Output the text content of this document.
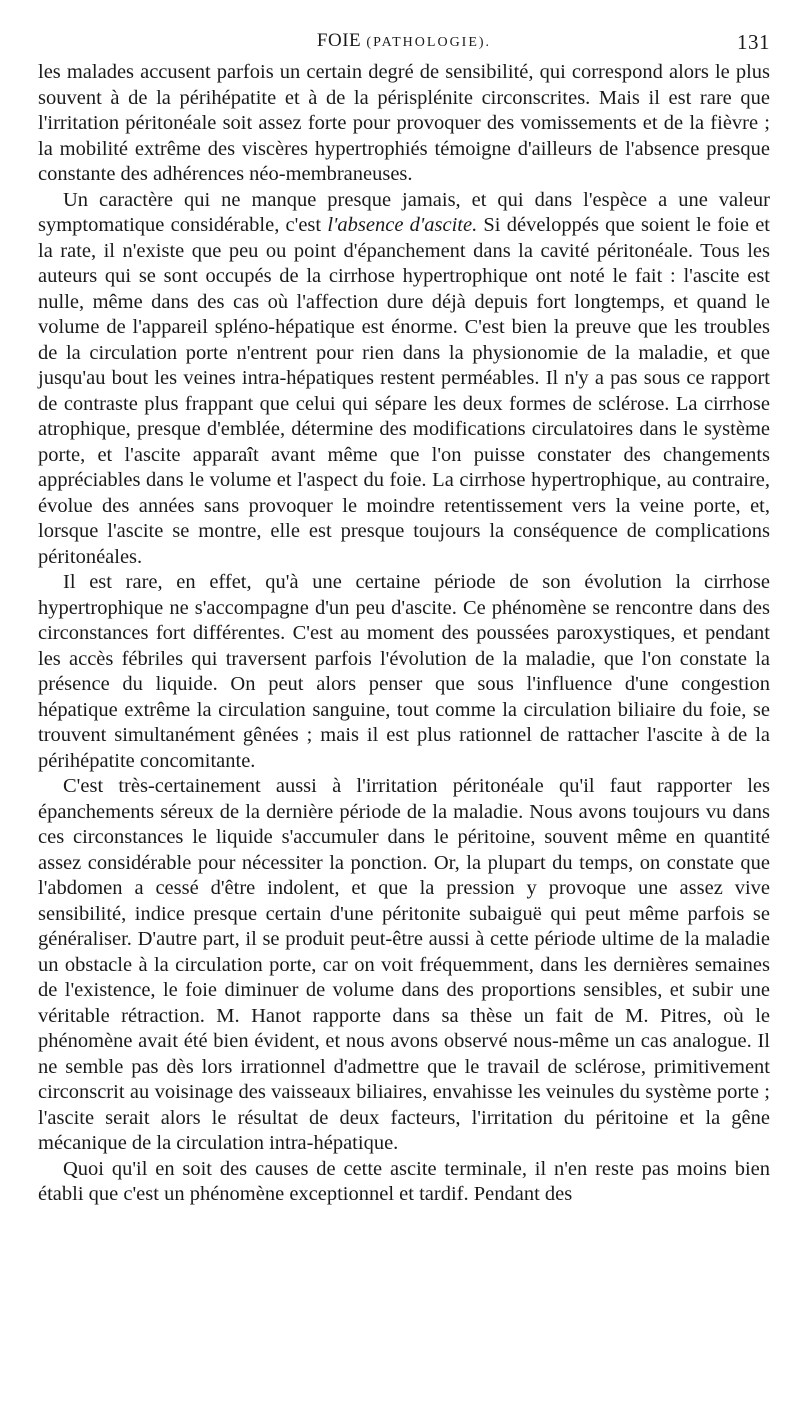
FOIE (PATHOLOGIE).	131

les malades accusent parfois un certain degré de sensibilité, qui correspond alors le plus souvent à de la périhépatite et à de la périsplénite circonscrites. Mais il est rare que l'irritation péritonéale soit assez forte pour provoquer des vomissements et de la fièvre ; la mobilité extrême des viscères hypertrophiés témoigne d'ailleurs de l'absence presque constante des adhérences néo-membraneuses.

Un caractère qui ne manque presque jamais, et qui dans l'espèce a une valeur symptomatique considérable, c'est l'absence d'ascite. Si développés que soient le foie et la rate, il n'existe que peu ou point d'épanchement dans la cavité péritonéale. Tous les auteurs qui se sont occupés de la cirrhose hypertrophique ont noté le fait : l'ascite est nulle, même dans des cas où l'affection dure déjà depuis fort longtemps, et quand le volume de l'appareil spléno-hépatique est énorme. C'est bien la preuve que les troubles de la circulation porte n'entrent pour rien dans la physionomie de la maladie, et que jusqu'au bout les veines intra-hépatiques restent perméables. Il n'y a pas sous ce rapport de contraste plus frappant que celui qui sépare les deux formes de sclérose. La cirrhose atrophique, presque d'emblée, détermine des modifications circulatoires dans le système porte, et l'ascite apparaît avant même que l'on puisse constater des changements appréciables dans le volume et l'aspect du foie. La cirrhose hypertrophique, au contraire, évolue des années sans provoquer le moindre retentissement vers la veine porte, et, lorsque l'ascite se montre, elle est presque toujours la conséquence de complications péritonéales.

Il est rare, en effet, qu'à une certaine période de son évolution la cirrhose hypertrophique ne s'accompagne d'un peu d'ascite. Ce phénomène se rencontre dans des circonstances fort différentes. C'est au moment des poussées paroxystiques, et pendant les accès fébriles qui traversent parfois l'évolution de la maladie, que l'on constate la présence du liquide. On peut alors penser que sous l'influence d'une congestion hépatique extrême la circulation sanguine, tout comme la circulation biliaire du foie, se trouvent simultanément gênées ; mais il est plus rationnel de rattacher l'ascite à de la périhépatite concomitante.

C'est très-certainement aussi à l'irritation péritonéale qu'il faut rapporter les épanchements séreux de la dernière période de la maladie. Nous avons toujours vu dans ces circonstances le liquide s'accumuler dans le péritoine, souvent même en quantité assez considérable pour nécessiter la ponction. Or, la plupart du temps, on constate que l'abdomen a cessé d'être indolent, et que la pression y provoque une assez vive sensibilité, indice presque certain d'une péritonite subaiguë qui peut même parfois se généraliser. D'autre part, il se produit peut-être aussi à cette période ultime de la maladie un obstacle à la circulation porte, car on voit fréquemment, dans les dernières semaines de l'existence, le foie diminuer de volume dans des proportions sensibles, et subir une véritable rétraction. M. Hanot rapporte dans sa thèse un fait de M. Pitres, où le phénomène avait été bien évident, et nous avons observé nous-même un cas analogue. Il ne semble pas dès lors irrationnel d'admettre que le travail de sclérose, primitivement circonscrit au voisinage des vaisseaux biliaires, envahisse les veinules du système porte ; l'ascite serait alors le résultat de deux facteurs, l'irritation du péritoine et la gêne mécanique de la circulation intra-hépatique.

Quoi qu'il en soit des causes de cette ascite terminale, il n'en reste pas moins bien établi que c'est un phénomène exceptionnel et tardif. Pendant des
